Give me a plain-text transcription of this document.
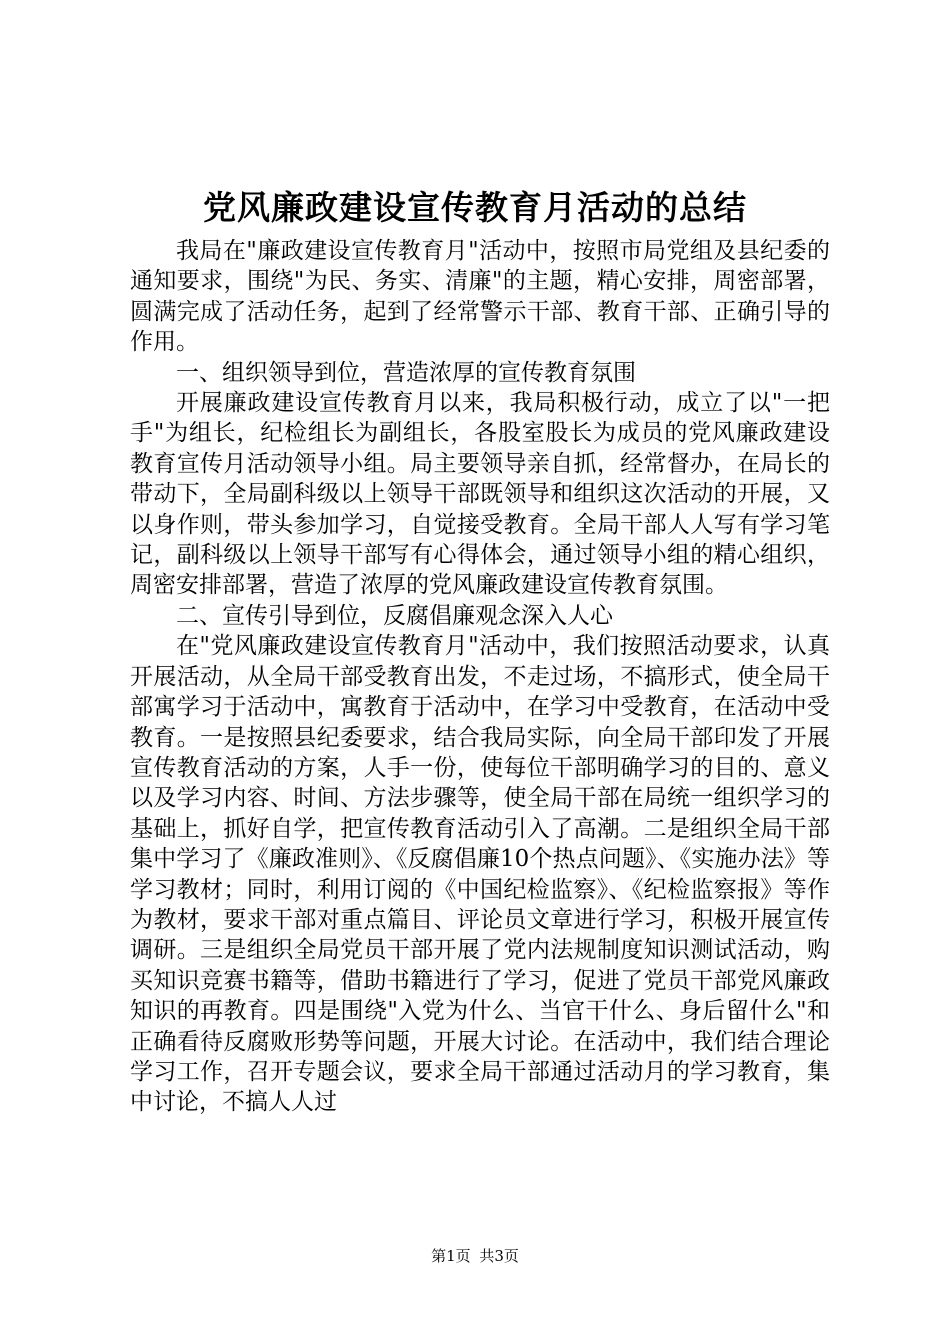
党风廉政建设宣传教育月活动的总结

我局在"廉政建设宣传教育月"活动中，按照市局党组及县纪委的通知要求，围绕"为民、务实、清廉"的主题，精心安排，周密部署，圆满完成了活动任务，起到了经常警示干部、教育干部、正确引导的作用。

一、组织领导到位，营造浓厚的宣传教育氛围

开展廉政建设宣传教育月以来，我局积极行动，成立了以"一把手"为组长，纪检组长为副组长，各股室股长为成员的党风廉政建设教育宣传月活动领导小组。局主要领导亲自抓，经常督办，在局长的带动下，全局副科级以上领导干部既领导和组织这次活动的开展，又以身作则，带头参加学习，自觉接受教育。全局干部人人写有学习笔记，副科级以上领导干部写有心得体会，通过领导小组的精心组织，周密安排部署，营造了浓厚的党风廉政建设宣传教育氛围。

二、宣传引导到位，反腐倡廉观念深入人心

在"党风廉政建设宣传教育月"活动中，我们按照活动要求，认真开展活动，从全局干部受教育出发，不走过场，不搞形式，使全局干部寓学习于活动中，寓教育于活动中，在学习中受教育，在活动中受教育。一是按照县纪委要求，结合我局实际，向全局干部印发了开展宣传教育活动的方案，人手一份，使每位干部明确学习的目的、意义以及学习内容、时间、方法步骤等，使全局干部在局统一组织学习的基础上，抓好自学，把宣传教育活动引入了高潮。二是组织全局干部集中学习了《廉政准则》、《反腐倡廉10个热点问题》、《实施办法》等学习教材；同时，利用订阅的《中国纪检监察》、《纪检监察报》等作为教材，要求干部对重点篇目、评论员文章进行学习，积极开展宣传调研。三是组织全局党员干部开展了党内法规制度知识测试活动，购买知识竞赛书籍等，借助书籍进行了学习，促进了党员干部党风廉政知识的再教育。四是围绕"入党为什么、当官干什么、身后留什么"和正确看待反腐败形势等问题，开展大讨论。在活动中，我们结合理论学习工作，召开专题会议，要求全局干部通过活动月的学习教育，集中讨论，不搞人人过

第1页 共3页
